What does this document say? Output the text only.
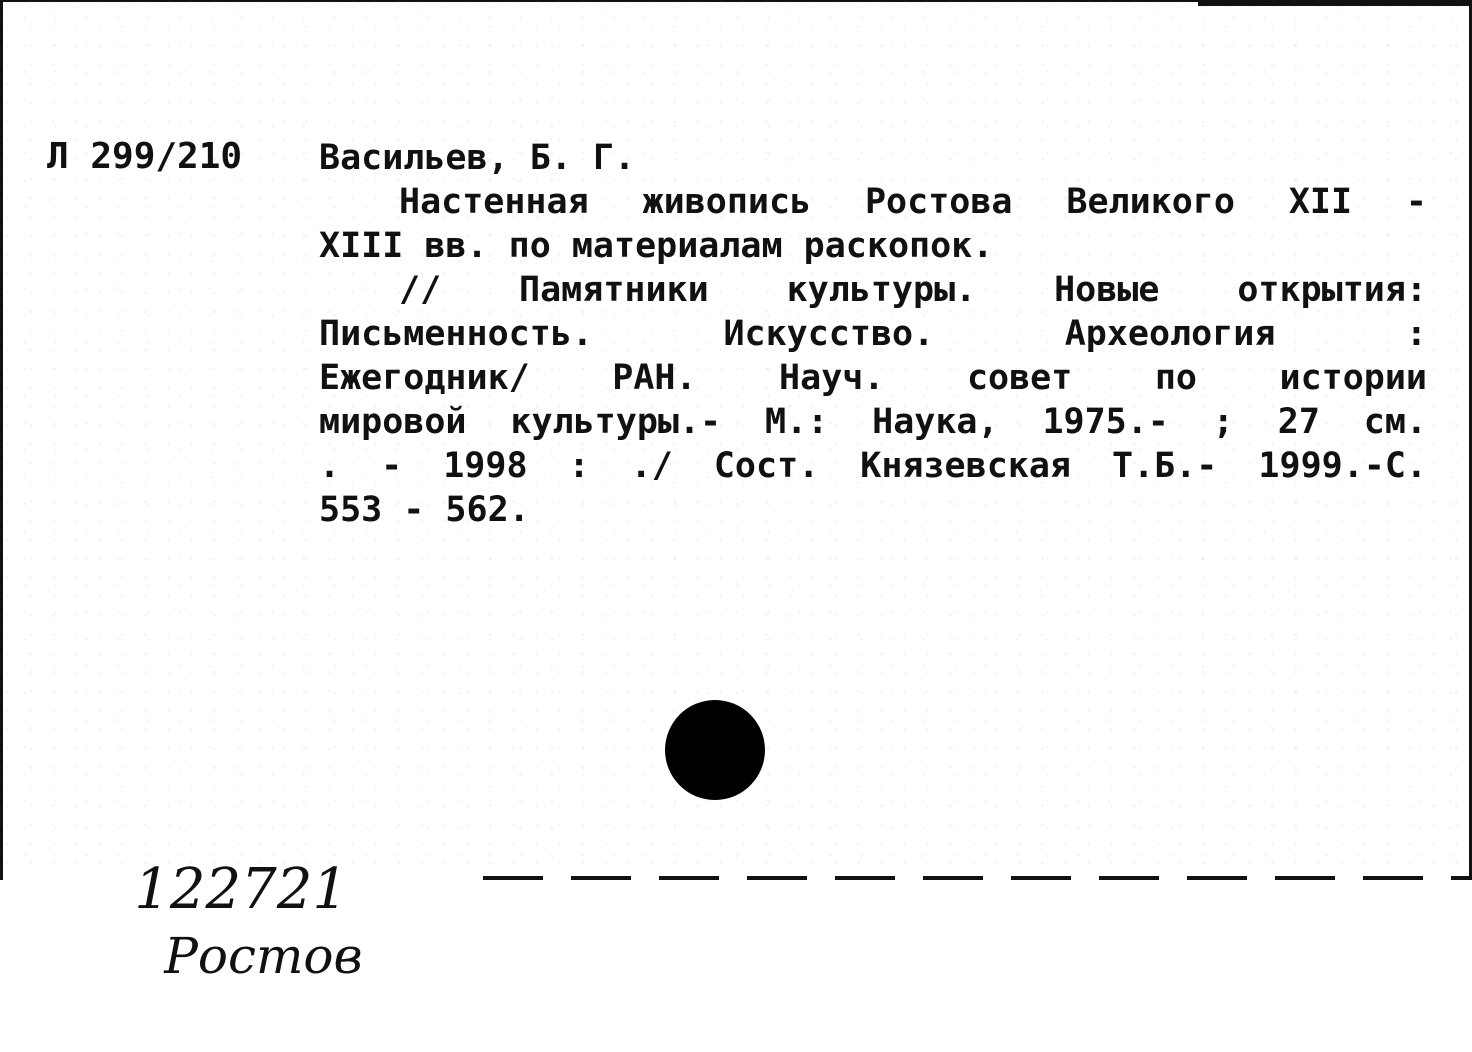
Л 299/210 Васильев, Б. Г.
Настенная живопись Ростова Великого XII -
XIII вв. по материалам раскопок.
// Памятники культуры. Новые открытия:
Письменность. Искусство. Археология :
Ежегодник/ РАН. Науч. совет по истории
мировой культуры.- М.: Наука, 1975.- ; 27 см.
. - 1998 : ./ Сост. Князевская Т.Б.- 1999.-С.
553 - 562.

122721
Ростов
